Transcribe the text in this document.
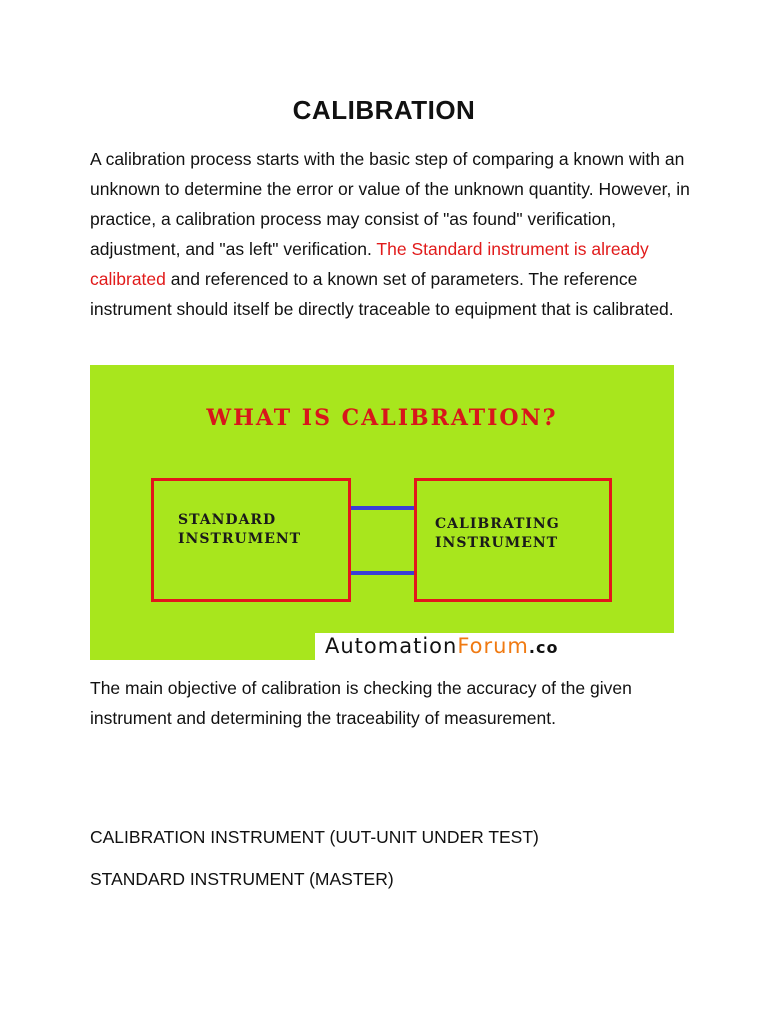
CALIBRATION
A calibration process starts with the basic step of comparing a known with an unknown to determine the error or value of the unknown quantity. However, in practice, a calibration process may consist of "as found" verification, adjustment, and "as left" verification. The Standard instrument is already calibrated and referenced to a known set of parameters. The reference instrument should itself be directly traceable to equipment that is calibrated.
WHAT IS CALIBRATION?
STANDARD
INSTRUMENT
CALIBRATING
INSTRUMENT
AutomationForum.co
The main objective of calibration is checking the accuracy of the given instrument and determining the traceability of measurement.
CALIBRATION INSTRUMENT (UUT-UNIT UNDER TEST)
STANDARD INSTRUMENT (MASTER)
